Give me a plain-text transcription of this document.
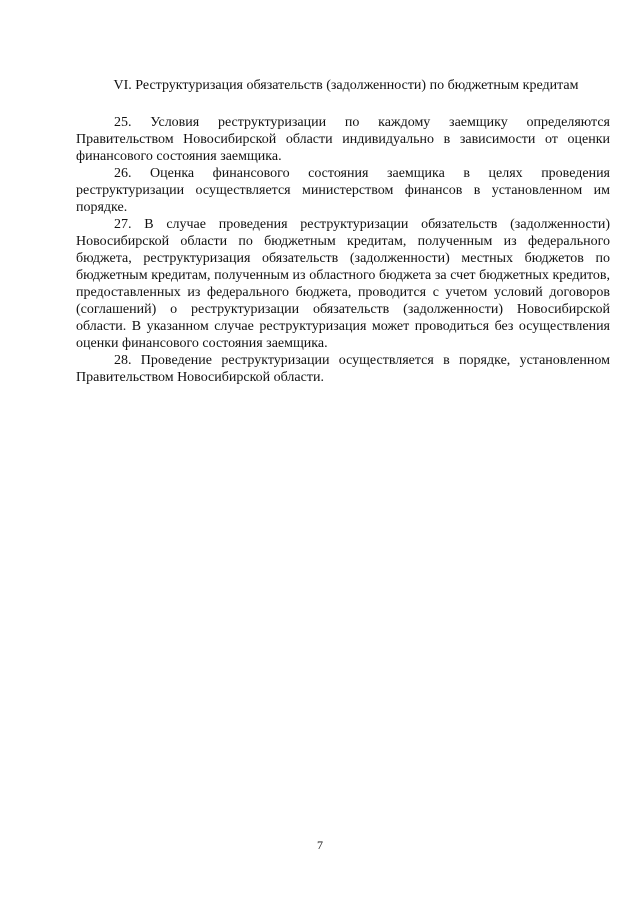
VI. Реструктуризация обязательств (задолженности) по бюджетным кредитам

25. Условия реструктуризации по каждому заемщику определяются Правительством Новосибирской области индивидуально в зависимости от оценки финансового состояния заемщика.

26. Оценка финансового состояния заемщика в целях проведения реструктуризации осуществляется министерством финансов в установленном им порядке.

27. В случае проведения реструктуризации обязательств (задолженности) Новосибирской области по бюджетным кредитам, полученным из федерального бюджета, реструктуризация обязательств (задолженности) местных бюджетов по бюджетным кредитам, полученным из областного бюджета за счет бюджетных кредитов, предоставленных из федерального бюджета, проводится с учетом условий договоров (соглашений) о реструктуризации обязательств (задолженности) Новосибирской области. В указанном случае реструктуризация может проводиться без осуществления оценки финансового состояния заемщика.

28. Проведение реструктуризации осуществляется в порядке, установленном Правительством Новосибирской области.

7
